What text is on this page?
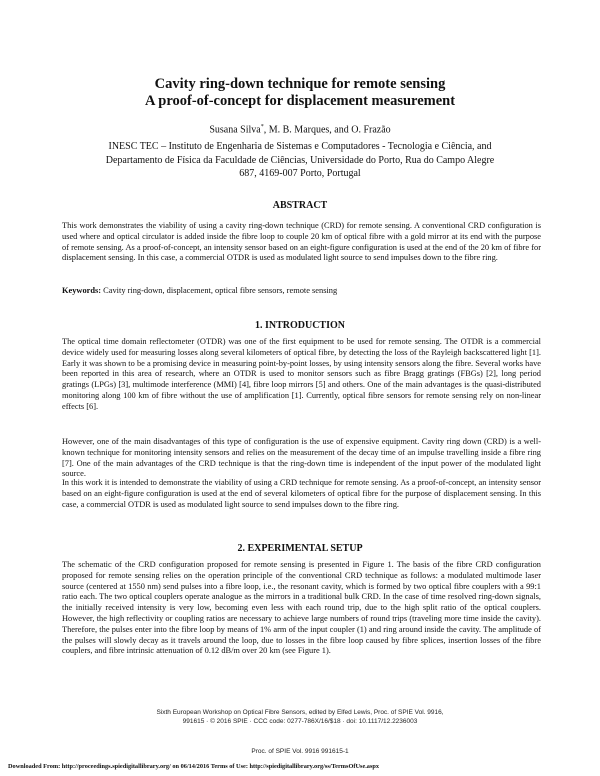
Cavity ring-down technique for remote sensing
A proof-of-concept for displacement measurement
Susana Silva*, M. B. Marques, and O. Frazão
INESC TEC – Instituto de Engenharia de Sistemas e Computadores - Tecnologia e Ciência, and
Departamento de Física da Faculdade de Ciências, Universidade do Porto, Rua do Campo Alegre
687, 4169-007 Porto, Portugal
ABSTRACT
This work demonstrates the viability of using a cavity ring-down technique (CRD) for remote sensing. A conventional CRD configuration is used where and optical circulator is added inside the fibre loop to couple 20 km of optical fibre with a gold mirror at its end with the purpose of remote sensing. As a proof-of-concept, an intensity sensor based on an eight-figure configuration is used at the end of the 20 km of fibre for displacement sensing. In this case, a commercial OTDR is used as modulated light source to send impulses down to the fibre ring.
Keywords: Cavity ring-down, displacement, optical fibre sensors, remote sensing
1. INTRODUCTION
The optical time domain reflectometer (OTDR) was one of the first equipment to be used for remote sensing. The OTDR is a commercial device widely used for measuring losses along several kilometers of optical fibre, by detecting the loss of the Rayleigh backscattered light [1]. Early it was shown to be a promising device in measuring point-by-point losses, by using intensity sensors along the fibre. Several works have been reported in this area of research, where an OTDR is used to monitor sensors such as fibre Bragg gratings (FBGs) [2], long period gratings (LPGs) [3], multimode interference (MMI) [4], fibre loop mirrors [5] and others. One of the main advantages is the quasi-distributed monitoring along 100 km of fibre without the use of amplification [1]. Currently, optical fibre sensors for remote sensing rely on non-linear effects [6].
However, one of the main disadvantages of this type of configuration is the use of expensive equipment. Cavity ring down (CRD) is a well-known technique for monitoring intensity sensors and relies on the measurement of the decay time of an impulse travelling inside a fibre ring [7]. One of the main advantages of the CRD technique is that the ring-down time is independent of the input power of the modulated light source.
In this work it is intended to demonstrate the viability of using a CRD technique for remote sensing. As a proof-of-concept, an intensity sensor based on an eight-figure configuration is used at the end of several kilometers of optical fibre for the purpose of displacement sensing. In this case, a commercial OTDR is used as modulated light source to send impulses down to the fibre ring.
2. EXPERIMENTAL SETUP
The schematic of the CRD configuration proposed for remote sensing is presented in Figure 1. The basis of the fibre CRD configuration proposed for remote sensing relies on the operation principle of the conventional CRD technique as follows: a modulated multimode laser source (centered at 1550 nm) send pulses into a fibre loop, i.e., the resonant cavity, which is formed by two optical fibre couplers with a 99:1 ratio each. The two optical couplers operate analogue as the mirrors in a traditional bulk CRD. In the case of time resolved ring-down signals, the initially received intensity is very low, becoming even less with each round trip, due to the high split ratio of the optical couplers. However, the high reflectivity or coupling ratios are necessary to achieve large numbers of round trips (traveling more time inside the cavity). Therefore, the pulses enter into the fibre loop by means of 1% arm of the input coupler (1) and ring around inside the cavity. The amplitude of the pulses will slowly decay as it travels around the loop, due to losses in the fibre loop caused by fibre splices, insertion losses of the fibre couplers, and fibre intrinsic attenuation of 0.12 dB/m over 20 km (see Figure 1).
Sixth European Workshop on Optical Fibre Sensors, edited by Elfed Lewis, Proc. of SPIE Vol. 9916,
991615 · © 2016 SPIE · CCC code: 0277-786X/16/$18 · doi: 10.1117/12.2236003
Proc. of SPIE Vol. 9916 991615-1
Downloaded From: http://proceedings.spiedigitallibrary.org/ on 06/14/2016 Terms of Use: http://spiedigitallibrary.org/ss/TermsOfUse.aspx
